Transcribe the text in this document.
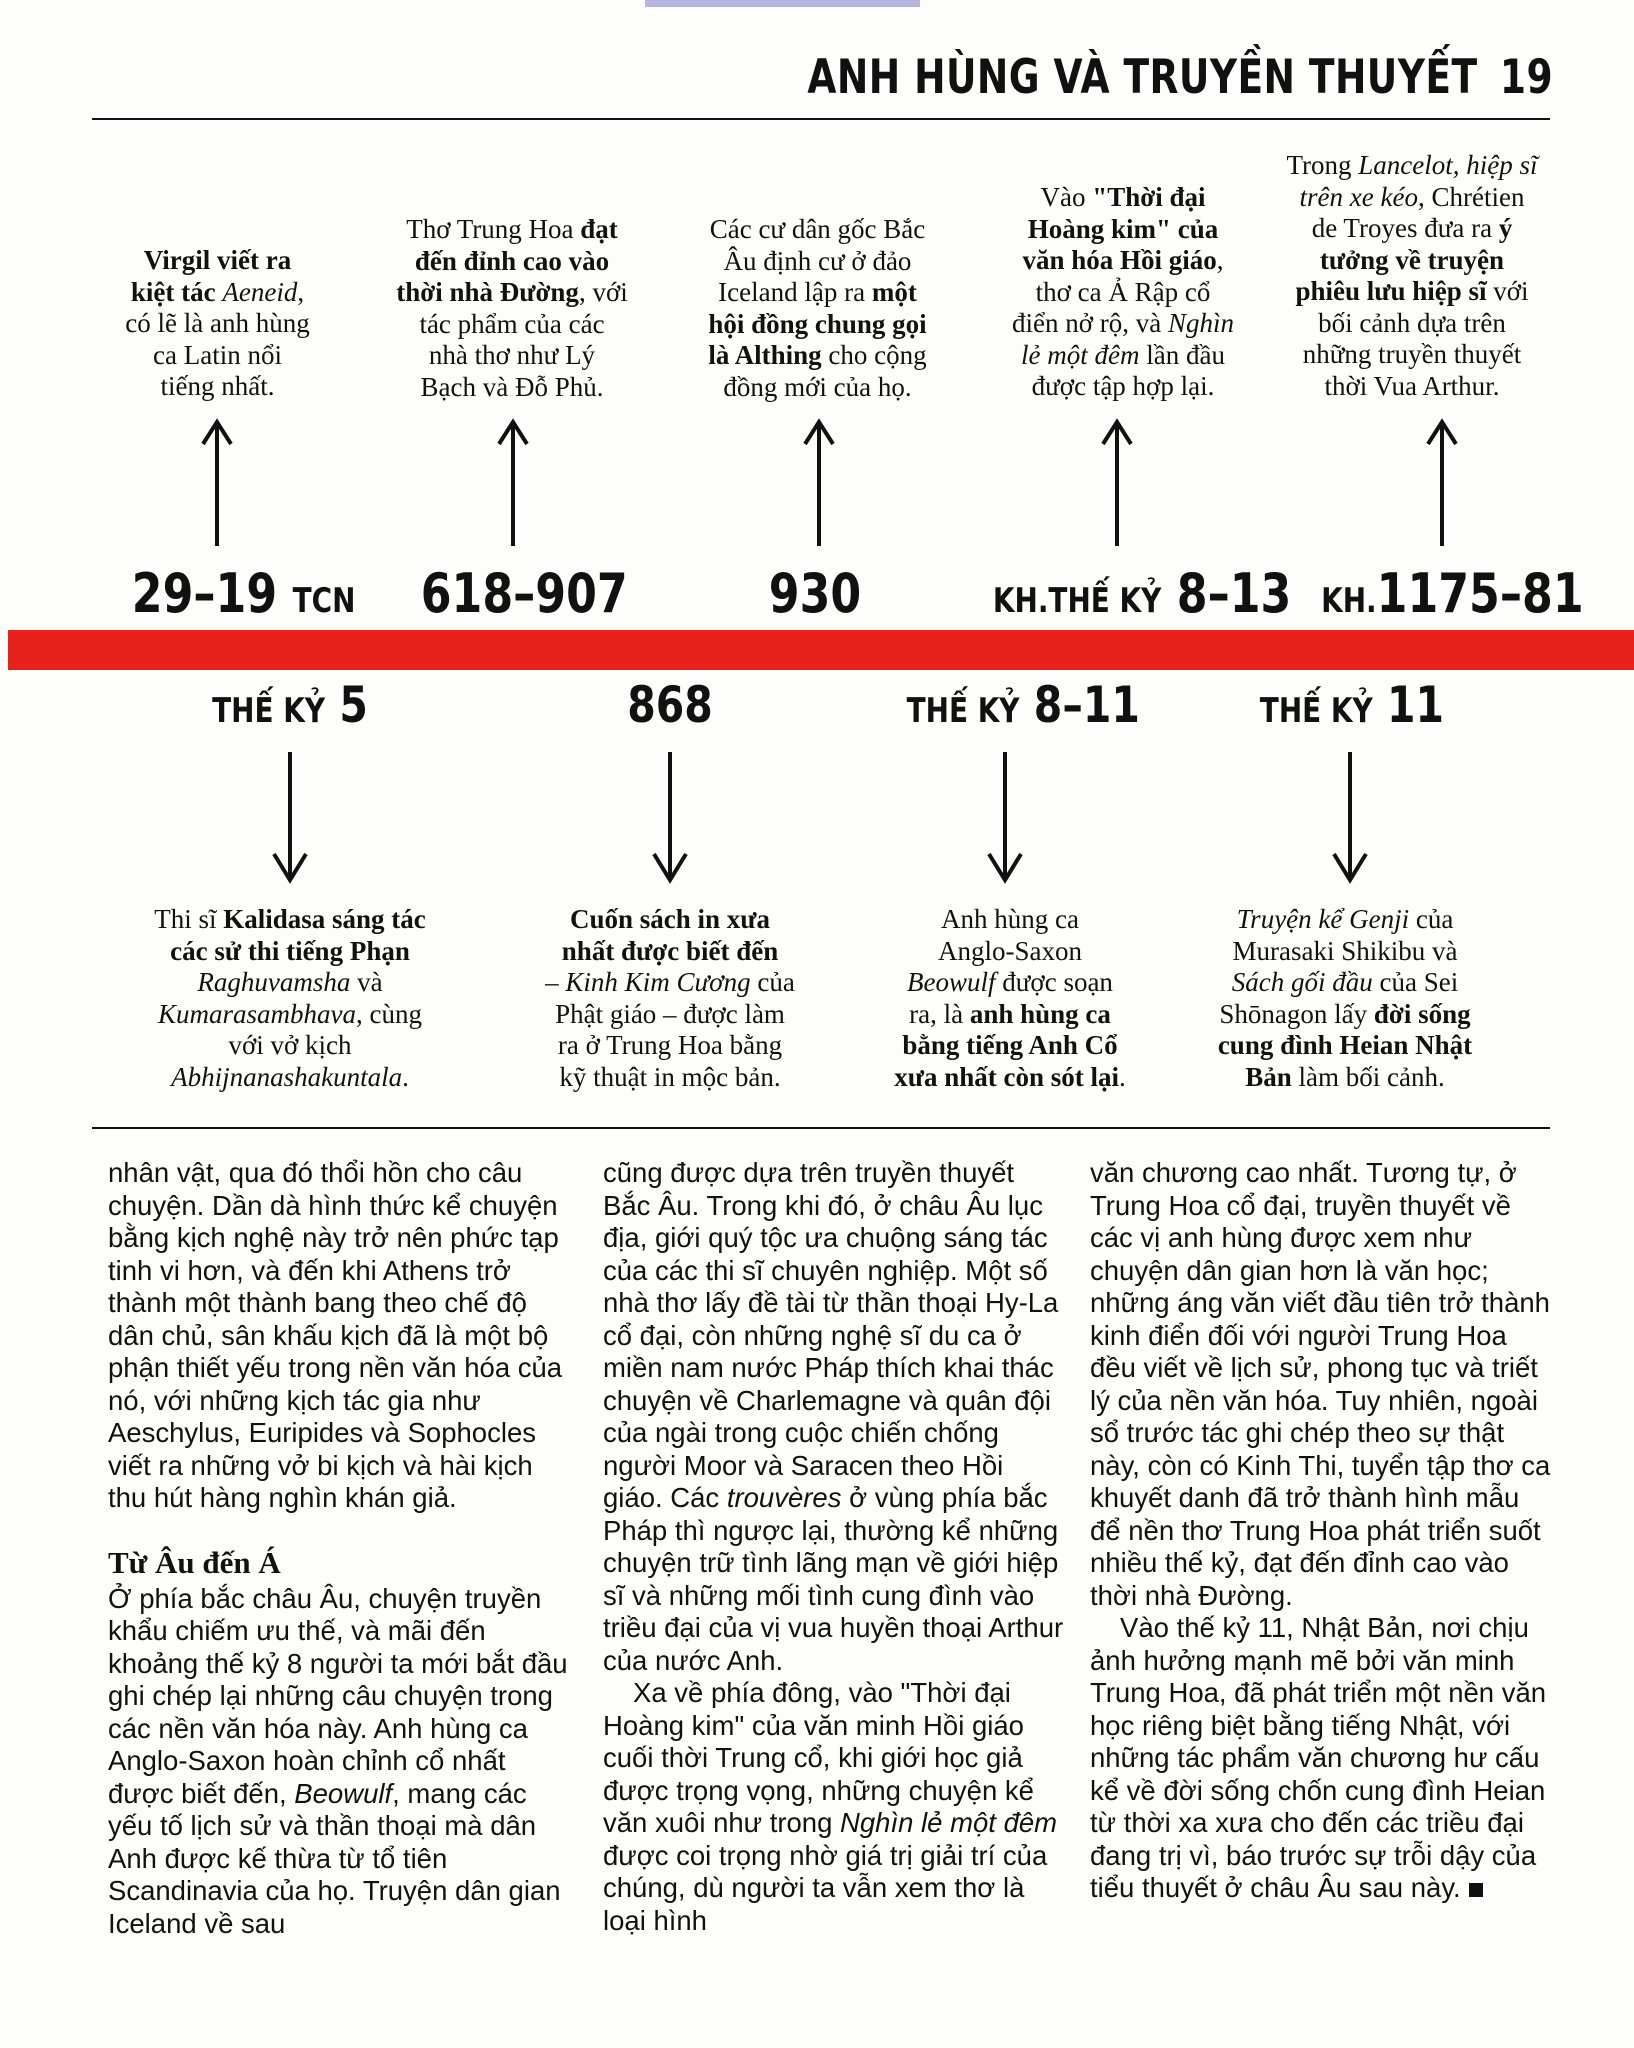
ANH HÙNG VÀ TRUYỀN THUYẾT 19
Virgil viết ra
kiệt tác Aeneid,
có lẽ là anh hùng
ca Latin nổi
tiếng nhất.
Thơ Trung Hoa đạt
đến đỉnh cao vào
thời nhà Đường, với
tác phẩm của các
nhà thơ như Lý
Bạch và Đỗ Phủ.
Các cư dân gốc Bắc
Âu định cư ở đảo
Iceland lập ra một
hội đồng chung gọi
là Althing cho cộng
đồng mới của họ.
Vào "Thời đại
Hoàng kim" của
văn hóa Hồi giáo,
thơ ca Ả Rập cổ
điển nở rộ, và Nghìn
lẻ một đêm lần đầu
được tập hợp lại.
Trong Lancelot, hiệp sĩ
trên xe kéo, Chrétien
de Troyes đưa ra ý
tưởng về truyện
phiêu lưu hiệp sĩ với
bối cảnh dựa trên
những truyền thuyết
thời Vua Arthur.
29–19 TCN 618–907	930	KH.THẾ KỶ 8–13 KH.1175–81
THẾ KỶ 5	868	THẾ KỶ 8–11	THẾ KỶ 11
Thi sĩ Kalidasa sáng tác
các sử thi tiếng Phạn
Raghuvamsha và
Kumarasambhava, cùng
với vở kịch
Abhijnanashakuntala.
Cuốn sách in xưa
nhất được biết đến
– Kinh Kim Cương của
Phật giáo – được làm
ra ở Trung Hoa bằng
kỹ thuật in mộc bản.
Anh hùng ca
Anglo-Saxon
Beowulf được soạn
ra, là anh hùng ca
bằng tiếng Anh Cổ
xưa nhất còn sót lại.
Truyện kể Genji của
Murasaki Shikibu và
Sách gối đầu của Sei
Shōnagon lấy đời sống
cung đình Heian Nhật
Bản làm bối cảnh.

nhân vật, qua đó thổi hồn cho câu chuyện. Dần dà hình thức kể chuyện bằng kịch nghệ này trở nên phức tạp tinh vi hơn, và đến khi Athens trở thành một thành bang theo chế độ dân chủ, sân khấu kịch đã là một bộ phận thiết yếu trong nền văn hóa của nó, với những kịch tác gia như Aeschylus, Euripides và Sophocles viết ra những vở bi kịch và hài kịch thu hút hàng nghìn khán giả.

Từ Âu đến Á

Ở phía bắc châu Âu, chuyện truyền khẩu chiếm ưu thế, và mãi đến khoảng thế kỷ 8 người ta mới bắt đầu ghi chép lại những câu chuyện trong các nền văn hóa này. Anh hùng ca Anglo-Saxon hoàn chỉnh cổ nhất được biết đến, Beowulf, mang các yếu tố lịch sử và thần thoại mà dân Anh được kế thừa từ tổ tiên Scandinavia của họ. Truyện dân gian Iceland về sau

cũng được dựa trên truyền thuyết Bắc Âu. Trong khi đó, ở châu Âu lục địa, giới quý tộc ưa chuộng sáng tác của các thi sĩ chuyên nghiệp. Một số nhà thơ lấy đề tài từ thần thoại Hy-La cổ đại, còn những nghệ sĩ du ca ở miền nam nước Pháp thích khai thác chuyện về Charlemagne và quân đội của ngài trong cuộc chiến chống người Moor và Saracen theo Hồi giáo. Các trouvères ở vùng phía bắc Pháp thì ngược lại, thường kể những chuyện trữ tình lãng mạn về giới hiệp sĩ và những mối tình cung đình vào triều đại của vị vua huyền thoại Arthur của nước Anh.

Xa về phía đông, vào "Thời đại Hoàng kim" của văn minh Hồi giáo cuối thời Trung cổ, khi giới học giả được trọng vọng, những chuyện kể văn xuôi như trong Nghìn lẻ một đêm được coi trọng nhờ giá trị giải trí của chúng, dù người ta vẫn xem thơ là loại hình

văn chương cao nhất. Tương tự, ở Trung Hoa cổ đại, truyền thuyết về các vị anh hùng được xem như chuyện dân gian hơn là văn học; những áng văn viết đầu tiên trở thành kinh điển đối với người Trung Hoa đều viết về lịch sử, phong tục và triết lý của nền văn hóa. Tuy nhiên, ngoài sổ trước tác ghi chép theo sự thật này, còn có Kinh Thi, tuyển tập thơ ca khuyết danh đã trở thành hình mẫu để nền thơ Trung Hoa phát triển suốt nhiều thế kỷ, đạt đến đỉnh cao vào thời nhà Đường.

Vào thế kỷ 11, Nhật Bản, nơi chịu ảnh hưởng mạnh mẽ bởi văn minh Trung Hoa, đã phát triển một nền văn học riêng biệt bằng tiếng Nhật, với những tác phẩm văn chương hư cấu kể về đời sống chốn cung đình Heian từ thời xa xưa cho đến các triều đại đang trị vì, báo trước sự trỗi dậy của tiểu thuyết ở châu Âu sau này.
